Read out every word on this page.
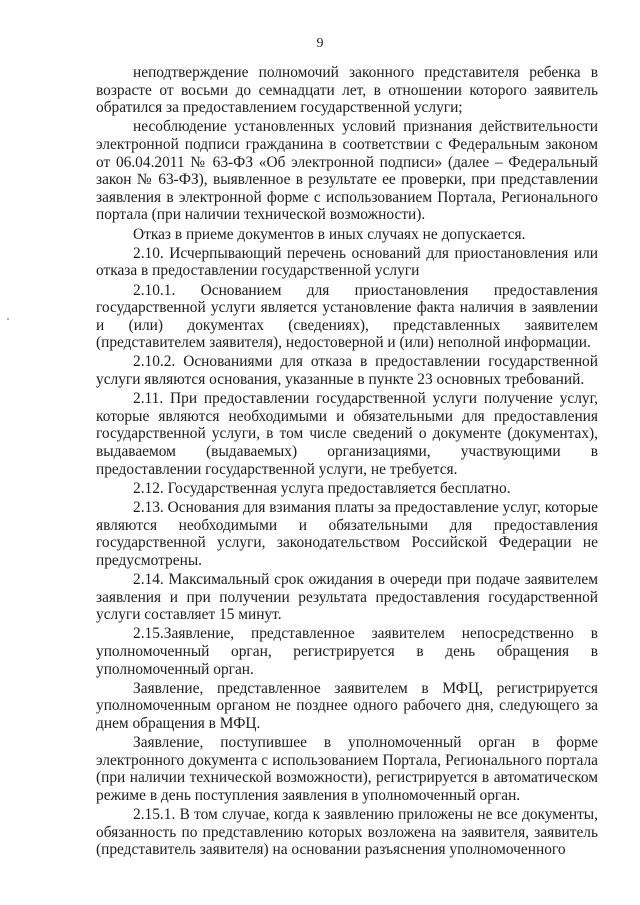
9

неподтверждение полномочий законного представителя ребенка в возрасте от восьми до семнадцати лет, в отношении которого заявитель обратился за предоставлением государственной услуги;

несоблюдение установленных условий признания действительности электронной подписи гражданина в соответствии с Федеральным законом от 06.04.2011 № 63-ФЗ «Об электронной подписи» (далее – Федеральный закон № 63-ФЗ), выявленное в результате ее проверки, при представлении заявления в электронной форме с использованием Портала, Регионального портала (при наличии технической возможности).

Отказ в приеме документов в иных случаях не допускается.

2.10. Исчерпывающий перечень оснований для приостановления или отказа в предоставлении государственной услуги

2.10.1. Основанием для приостановления предоставления государственной услуги является установление факта наличия в заявлении и (или) документах (сведениях), представленных заявителем (представителем заявителя), недостоверной и (или) неполной информации.

2.10.2. Основаниями для отказа в предоставлении государственной услуги являются основания, указанные в пункте 23 основных требований.

2.11. При предоставлении государственной услуги получение услуг, которые являются необходимыми и обязательными для предоставления государственной услуги, в том числе сведений о документе (документах), выдаваемом (выдаваемых) организациями, участвующими в предоставлении государственной услуги, не требуется.

2.12. Государственная услуга предоставляется бесплатно.

2.13. Основания для взимания платы за предоставление услуг, которые являются необходимыми и обязательными для предоставления государственной услуги, законодательством Российской Федерации не предусмотрены.

2.14. Максимальный срок ожидания в очереди при подаче заявителем заявления и при получении результата предоставления государственной услуги составляет 15 минут.

2.15.Заявление, представленное заявителем непосредственно в уполномоченный орган, регистрируется в день обращения в уполномоченный орган.

Заявление, представленное заявителем в МФЦ, регистрируется уполномоченным органом не позднее одного рабочего дня, следующего за днем обращения в МФЦ.

Заявление, поступившее в уполномоченный орган в форме электронного документа с использованием Портала, Регионального портала (при наличии технической возможности), регистрируется в автоматическом режиме в день поступления заявления в уполномоченный орган.

2.15.1. В том случае, когда к заявлению приложены не все документы, обязанность по представлению которых возложена на заявителя, заявитель (представитель заявителя) на основании разъяснения уполномоченного
